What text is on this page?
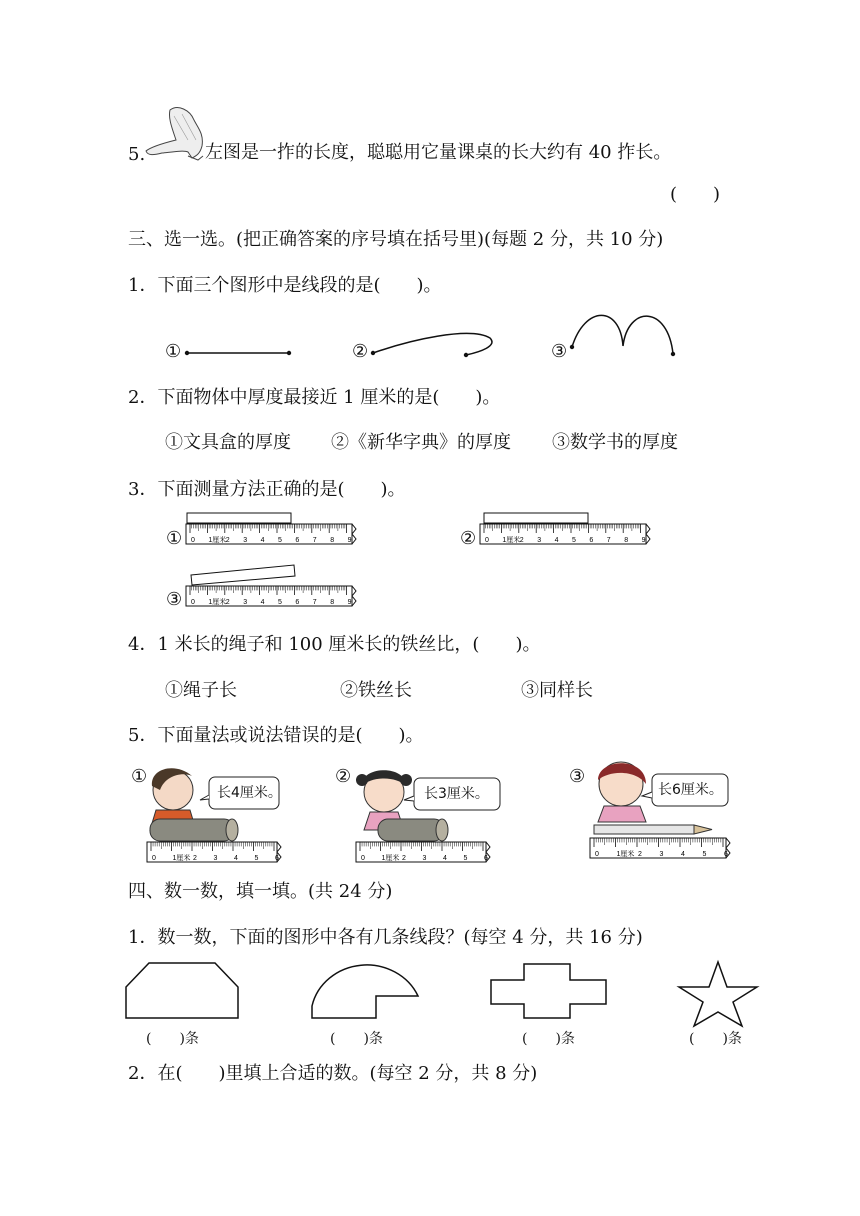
0 1厘米 2 3 4 5 6 7 8 9	0 1厘米 2 3 4 5 6 7 8 9
0 1厘米 2 3 4 5 6 7 8 9
0 1厘米 2 3 4 5 6	0 1厘米 2 3 4 5 6
0	1厘米 2	3	4	5	6
5.	左图是一拃的长度，聪聪用它量课桌的长大约有 40 拃长。
(　　)
三、选一选。(把正确答案的序号填在括号里)(每题 2 分，共 10 分)
1．下面三个图形中是线段的是(　　)。
①	②	③
2．下面物体中厚度最接近 1 厘米的是(　　)。
①文具盒的厚度 ②《新华字典》的厚度 ③数学书的厚度
3．下面测量方法正确的是(　　)。
①	②
③
4．1 米长的绳子和 100 厘米长的铁丝比，(　　)。
①绳子长	②铁丝长	③同样长
5．下面量法或说法错误的是(　　)。
①	②	③
长4厘米。	长3厘米。	长6厘米。
四、数一数，填一填。(共 24 分)
1．数一数，下面的图形中各有几条线段？(每空 4 分，共 16 分)
(　　)条	(　　)条	(　　)条	(　　)条
2．在(　　)里填上合适的数。(每空 2 分，共 8 分)
